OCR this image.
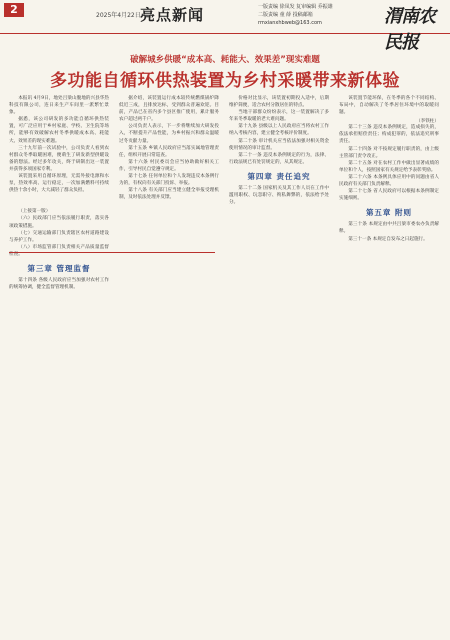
2	2025年4月22日 亮点新闻	一版责编 徐凤发 复审编辑 乔振雄
二版责编 童 薛 投稿邮箱 rmxianxhbweb@163.com	渭南农民报
破解城乡供暖“成本高、耗能大、效果差”现实难题
多功能自循环供热装置为乡村采暖带来新体验

本报讯 4月9日，地处吕梁山腹地的兴县华热科技有限公司，连日来生产车间里一派繁忙景象。

据悉，该公司研发的多功能自循环供热装置，可广泛应用于乡村家庭、学校、卫生院等场所，能够有效破解农村冬季供暖成本高、耗能大、效果差的现实难题。

三十九年前一次试验中，公司负责人看到农村群众冬季取暖困难，便萌生了研发新型供暖设备的想法。经过多年攻关，终于研制出这一装置并获得多项国家专利。

该装置采用自循环原理，无需外接电源和水泵，热效率高、运行稳定，一次加满燃料可持续供热十余小时，大大减轻了群众负担。

（上接第一版）

（六）民政部门应当依法履行职责，落实各项政策措施。

（七）交通运输部门负责辖区农村道路建设与养护工作。

（八）市场监管部门负责相关产品质量监督检查。

第三章 管理监督

第十四条 各级人民政府应当加强对农村工作的统筹协调，健全监督管理机制。

据介绍，该装置运行成本较传统燃煤锅炉降低近三成，且排放达标，受到群众普遍欢迎。目前，产品已在省内多个县区推广使用，累计服务农户超过两千户。

公司负责人表示，下一步将继续加大研发投入，不断提升产品性能，为乡村振兴和群众温暖过冬贡献力量。

第十五条 乡镇人民政府应当落实属地管理责任，组织开展日常巡查。

第十六条 村民委员会应当协助做好相关工作，引导村民自觉遵守规定。

第十七条 任何单位和个人发现违反本条例行为的，有权向有关部门投诉、举报。

第十八条 有关部门应当建立健全举报受理机制，及时依法处理并反馈。

价格对比显示，该装置初期投入适中，后期维护简便，适合农村分散居住的特点。

当地干部群众纷纷表示，这一装置解决了多年来冬季取暖的老大难问题。

第十九条 县级以上人民政府应当将农村工作纳入考核内容，建立健全考核评价制度。

第二十条 审计机关应当依法加强对相关资金使用情况的审计监督。

第二十一条 违反本条例规定的行为，法律、行政法规已有处罚规定的，从其规定。

第四章 责任追究

第二十二条 国家机关及其工作人员在工作中滥用职权、玩忽职守、徇私舞弊的，依法给予处分。

该装置节能环保，在冬季的各个不同结构、布局中，自动解决了冬季居住环境中的取暖问题。

（李铁柱）

第二十三条 违反本条例规定，造成损失的，依法承担赔偿责任；构成犯罪的，依法追究刑事责任。

第二十四条 对不按规定履行职责的，由上级主管部门责令改正。

第二十五条 对在农村工作中做出显著成绩的单位和个人，按照国家有关规定给予表彰奖励。

第二十六条 本条例具体应用中的问题由省人民政府有关部门负责解释。

第二十七条 省人民政府可以根据本条例制定实施细则。

第五章 附则

第三十条 本规定由中共吕梁市委农办负责解释。

第三十一条 本规定自发布之日起施行。
